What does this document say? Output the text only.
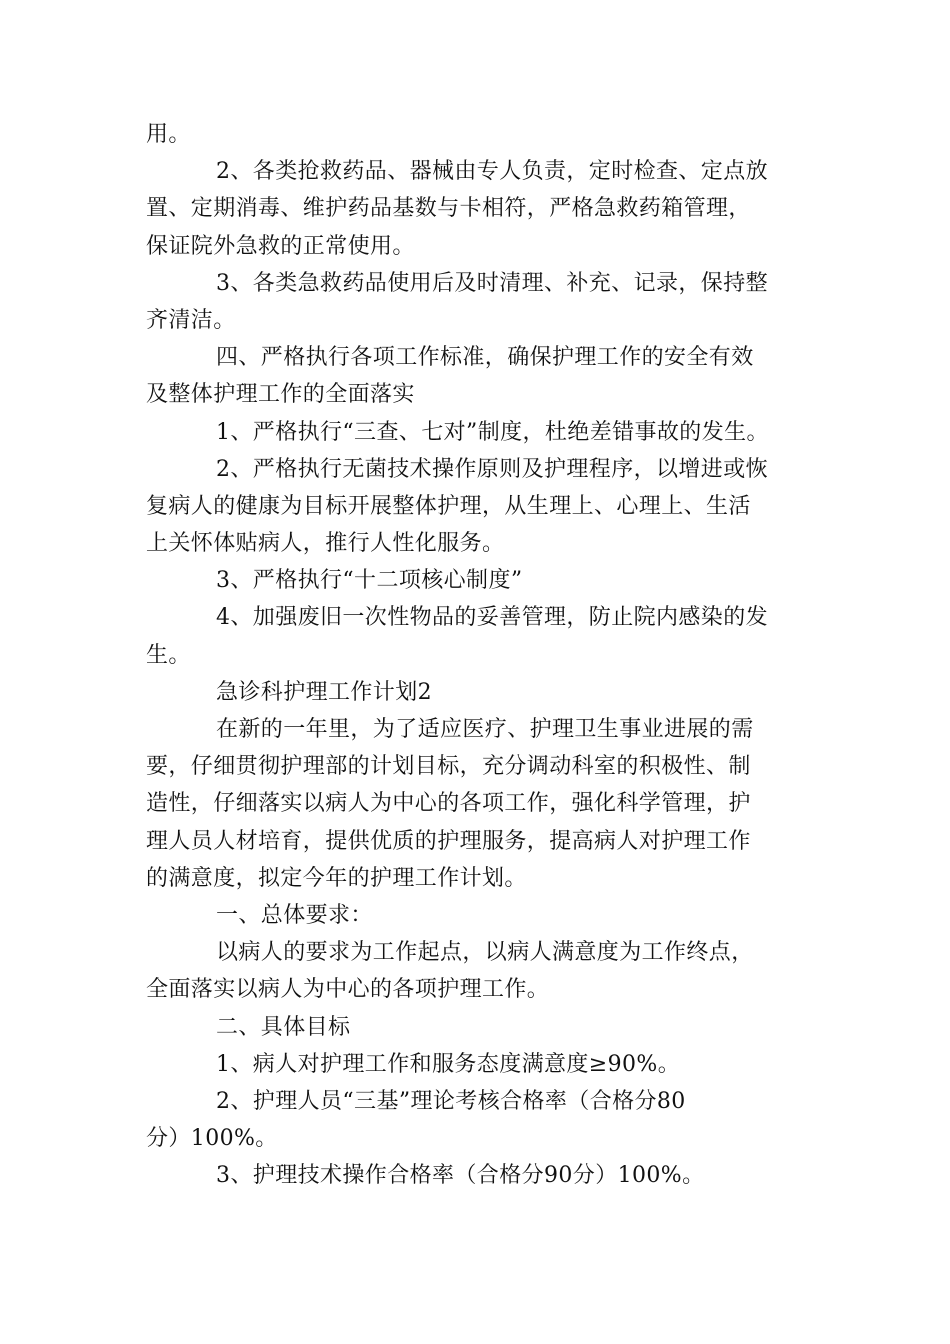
用。
2、各类抢救药品、器械由专人负责，定时检查、定点放
置、定期消毒、维护药品基数与卡相符，严格急救药箱管理，
保证院外急救的正常使用。
3、各类急救药品使用后及时清理、补充、记录，保持整
齐清洁。
四、严格执行各项工作标准，确保护理工作的安全有效
及整体护理工作的全面落实
1、严格执行“三查、七对”制度，杜绝差错事故的发生。
2、严格执行无菌技术操作原则及护理程序，以增进或恢
复病人的健康为目标开展整体护理，从生理上、心理上、生活
上关怀体贴病人，推行人性化服务。
3、严格执行“十二项核心制度”
4、加强废旧一次性物品的妥善管理，防止院内感染的发
生。
急诊科护理工作计划2
在新的一年里，为了适应医疗、护理卫生事业进展的需
要，仔细贯彻护理部的计划目标，充分调动科室的积极性、制
造性，仔细落实以病人为中心的各项工作，强化科学管理，护
理人员人材培育，提供优质的护理服务，提高病人对护理工作
的满意度，拟定今年的护理工作计划。
一、总体要求：
以病人的要求为工作起点，以病人满意度为工作终点，
全面落实以病人为中心的各项护理工作。
二、具体目标
1、病人对护理工作和服务态度满意度≥90%。
2、护理人员“三基”理论考核合格率（合格分80
分）100%。
3、护理技术操作合格率（合格分90分）100%。
